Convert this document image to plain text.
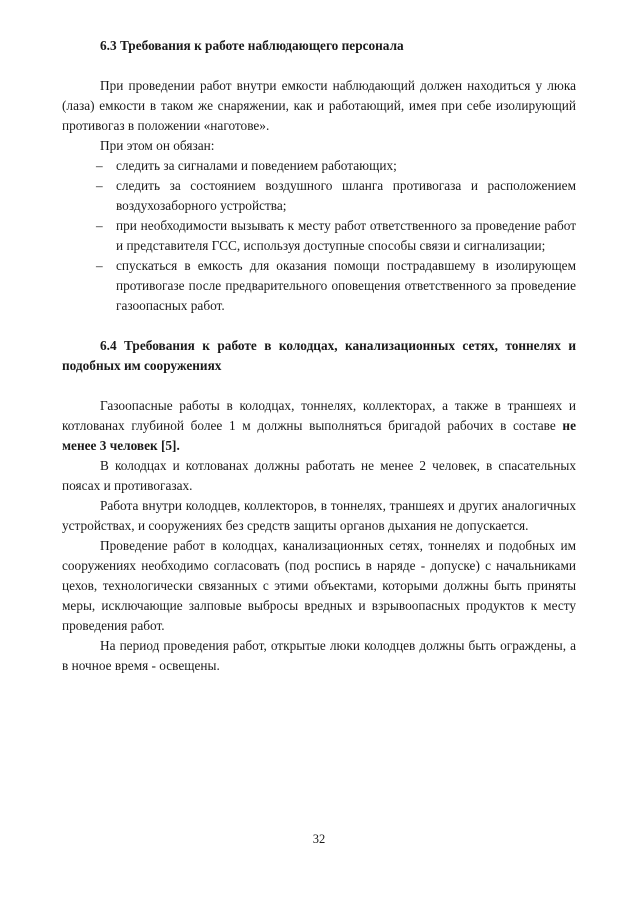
6.3 Требования к работе наблюдающего персонала

При проведении работ внутри емкости наблюдающий должен находиться у люка (лаза) емкости в таком же снаряжении, как и работающий, имея при себе изолирующий противогаз в положении «наготове».

При этом он обязан:

– следить за сигналами и поведением работающих;
– следить за состоянием воздушного шланга противогаза и расположением воздухозаборного устройства;
– при необходимости вызывать к месту работ ответственного за проведение работ и представителя ГСС, используя доступные способы связи и сигнализации;
– спускаться в емкость для оказания помощи пострадавшему в изолирующем противогазе после предварительного оповещения ответственного за проведение газоопасных работ.
6.4 Требования к работе в колодцах, канализационных сетях, тоннелях и подобных им сооружениях

Газоопасные работы в колодцах, тоннелях, коллекторах, а также в траншеях и котлованах глубиной более 1 м должны выполняться бригадой рабочих в составе не менее 3 человек [5].

В колодцах и котлованах должны работать не менее 2 человек, в спасательных поясах и противогазах.

Работа внутри колодцев, коллекторов, в тоннелях, траншеях и других аналогичных устройствах, и сооружениях без средств защиты органов дыхания не допускается.

Проведение работ в колодцах, канализационных сетях, тоннелях и подобных им сооружениях необходимо согласовать (под роспись в наряде - допуске) с начальниками цехов, технологически связанных с этими объектами, которыми должны быть приняты меры, исключающие залповые выбросы вредных и взрывоопасных продуктов к месту проведения работ.

На период проведения работ, открытые люки колодцев должны быть ограждены, а в ночное время - освещены.

32
